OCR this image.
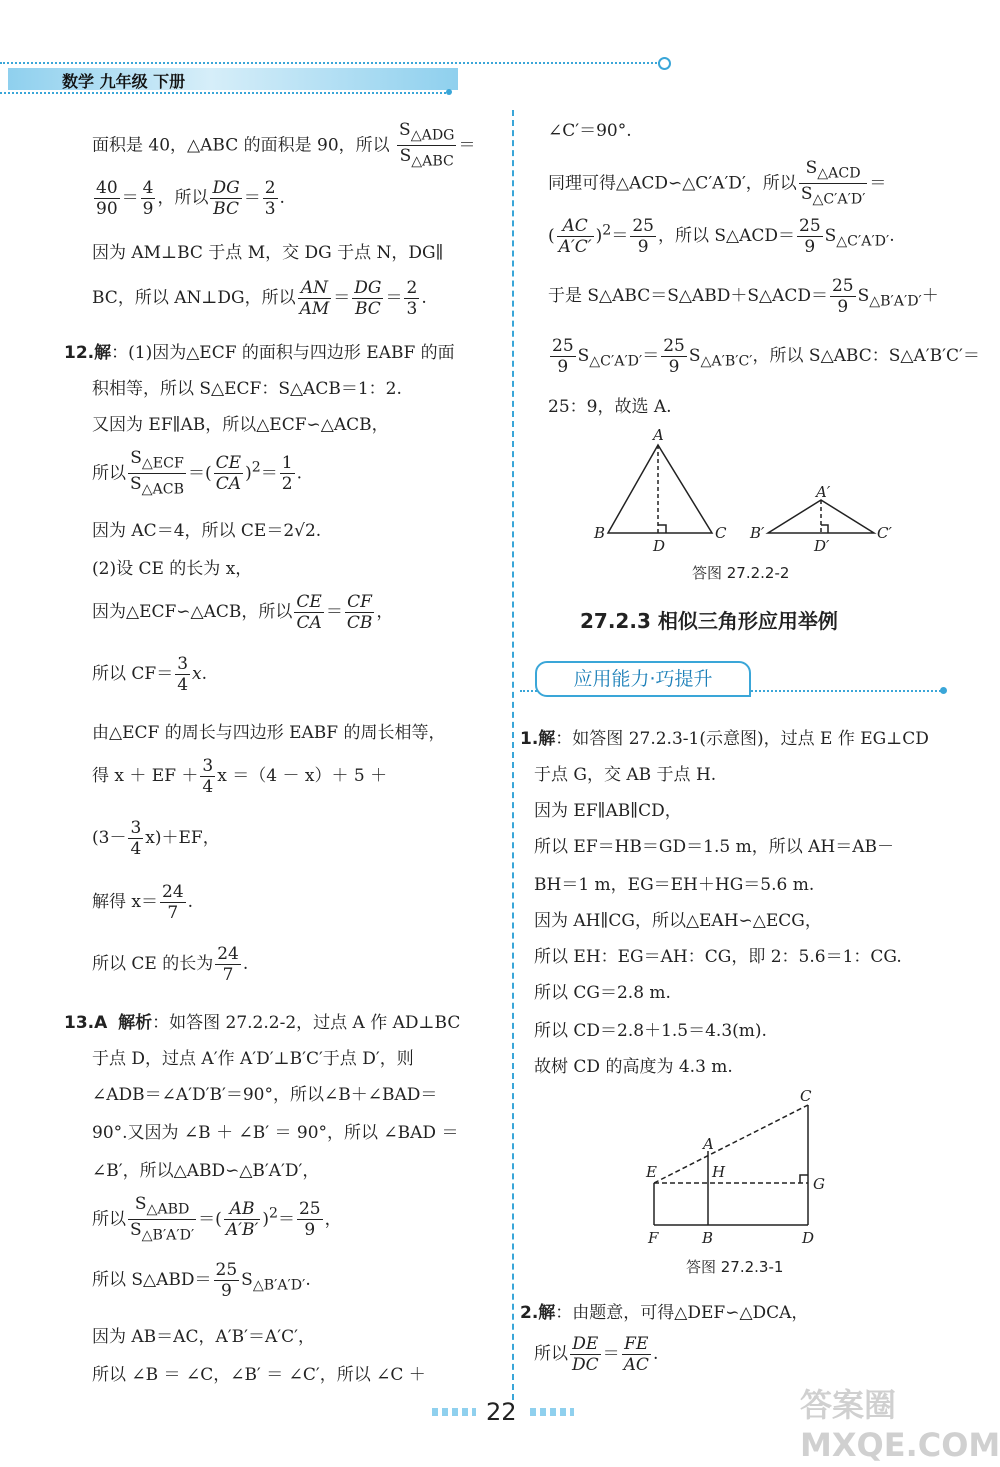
数学 九年级 下册

面积是 40，△ABC 的面积是 90，所以
$S_{\triangle ADG}$
$S_{\triangle ABC}$
＝

$\frac{40}{90} = \frac{4}{9}$ ，所以 $\frac{DG}{BC} = \frac{2}{3}$ .

因为 AM⊥BC 于点 M，交 DG 于点 N，DG∥

BC，所以 AN⊥DG，所以 $\frac{AN}{AM} = \frac{DG}{BC} = \frac{2}{3}$ .

12.解：(1)因为△ECF 的面积与四边形 EABF 的面

积相等，所以 S△ECF：S△ACB＝1：2.

又因为 EF∥AB，所以△ECF∽△ACB，

所以
$S_{\triangle ECF}$
$S_{\triangle ACB}$
＝( $\frac{CE}{CA} )^2= \frac{1}{2}$ .

因为 AC＝4，所以 CE＝2√2.

(2)设 CE 的长为 x，

因为△ECF∽△ACB，所以 $\frac{CE}{CA} = \frac{CF}{CB}$ ，

所以 $CF= \frac{3}{4} x$.

由△ECF 的周长与四边形 EABF 的周长相等，

得 x ＋ EF ＋ $\frac{3}{4}$ x ＝（4 － x）＋ 5 ＋

$(3- \frac{3}{4} x)+EF$，

解得 $x= \frac{24}{7}$ .

所以 CE 的长为 $\frac{24}{7}$ .

13.A 解析：如答图 27.2.2-2，过点 A 作 AD⊥BC

于点 D，过点 A′作 A′D′⊥B′C′于点 D′，则

∠ADB＝∠A′D′B′＝90°，所以∠B＋∠BAD＝

90°.又因为 ∠B ＋ ∠B′ ＝ 90°，所以 ∠BAD ＝

∠B′，所以△ABD∽△B′A′D′，

所以
$S_{\triangle ABD}$
$S_{\triangle B'A'D'}$
＝( $\frac{AB}{A'B'} )^2= \frac{25}{9}$ ，

所以 S△ABD＝ $\frac{25}{9} S_{\triangle B'A'D'}$.

因为 AB＝AC，A′B′＝A′C′，

所以 ∠B ＝ ∠C，∠B′ ＝ ∠C′，所以 ∠C ＋

∠C′＝90°.

同理可得△ACD∽△C′A′D′，所以
$S_{\triangle ACD}$
$S_{\triangle C'A'D'}$
＝

( $\frac{AC}{A'C'} )^2= \frac{25}{9}$ ，所以 S△ACD＝ $\frac{25}{9} S_{\triangle C'A'D'}$.

于是 S△ABC＝S△ABD＋S△ACD＝ $\frac{25}{9} S_{\triangle B'A'D'}+$

$\frac{25}{9} S_{\triangle C'A'D'}= \frac{25}{9} S_{\triangle A'B'C'}$，所以 S△ABC：S△A′B′C′＝

25：9，故选 A.

A
B	C
D
A′
B′	C′
D′
答图 27.2.2-2
27.2.3 相似三角形应用举例
应用能力·巧提升

1.解：如答图 27.2.3-1(示意图)，过点 E 作 EG⊥CD

于点 G，交 AB 于点 H.

因为 EF∥AB∥CD，

所以 EF＝HB＝GD＝1.5 m，所以 AH＝AB－

BH＝1 m，EG＝EH＋HG＝5.6 m.

因为 AH∥CG，所以△EAH∽△ECG，

所以 EH：EG＝AH：CG，即 2：5.6＝1：CG.

所以 CG＝2.8 m.

所以 CD＝2.8＋1.5＝4.3(m).

故树 CD 的高度为 4.3 m.

C
A
E	H
G
F	B	D
答图 27.2.3-1

2.解：由题意，可得△DEF∽△DCA，

所以 $\frac{DE}{DC} = \frac{FE}{AC}$ .

22	答案圈 MXQE.COM
